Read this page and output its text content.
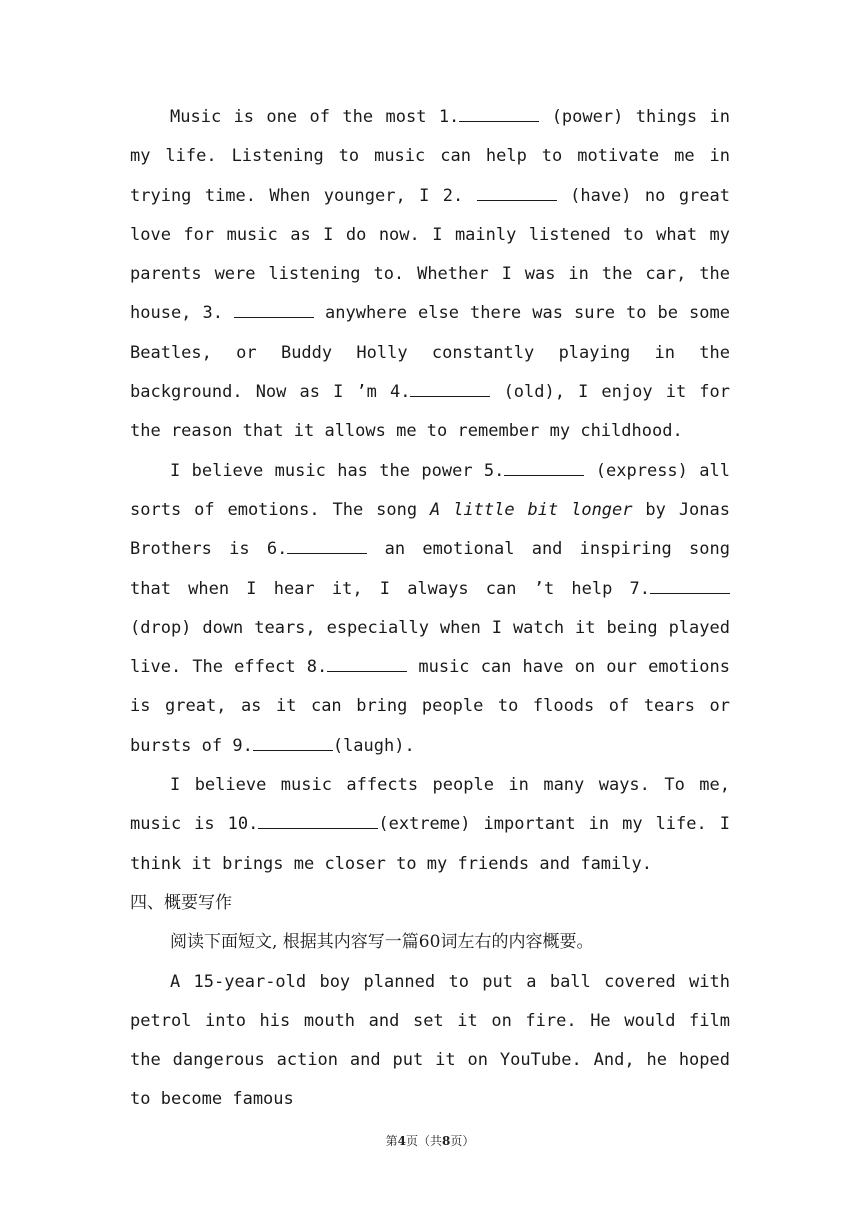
Music is one of the most 1.	(power) things in my life. Listening to music can help to motivate me in trying time. When younger, I 2.	(have) no great love for music as I do now. I mainly listened to what my parents were listening to. Whether I was in the car, the house, 3.	anywhere else there was sure to be some Beatles, or Buddy Holly constantly playing in the background. Now as I ’m 4.	(old), I enjoy it for the reason that it allows me to remember my childhood.

I believe music has the power 5.	(express) all sorts of emotions. The song A little bit longer by Jonas Brothers is 6.	an emotional and inspiring song that when I hear it, I always can ’t help 7. (drop) down tears, especially when I watch it being played live. The effect 8.	music can have on our emotions is great, as it can bring people to floods of tears or bursts of 9.	(laugh).

I believe music affects people in many ways. To me, music is 10.	(extreme) important in my life. I think it brings me closer to my friends and family.

四、概要写作

阅读下面短文, 根据其内容写一篇60词左右的内容概要。

A 15-year-old boy planned to put a ball covered with petrol into his mouth and set it on fire. He would film the dangerous action and put it on YouTube. And, he hoped to become famous

第4页（共8页）
